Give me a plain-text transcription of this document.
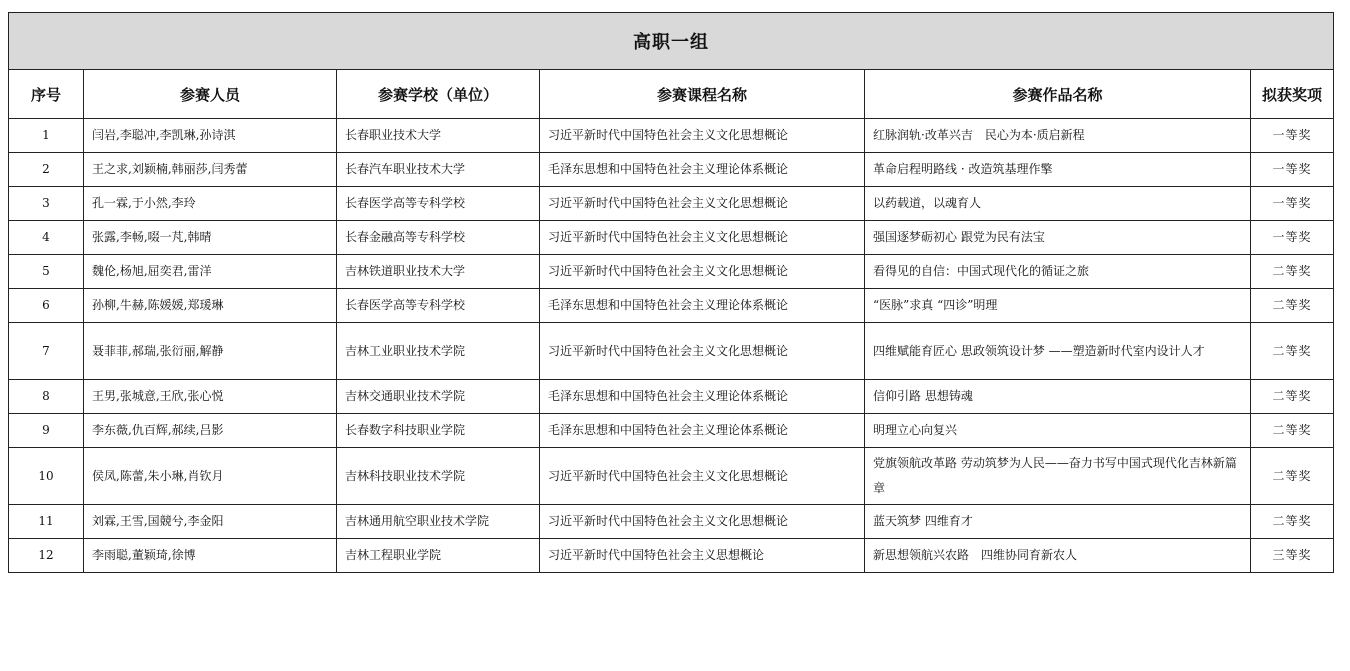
高职一组					
序号	参赛人员	参赛学校（单位）	参赛课程名称	参赛作品名称	拟获奖项
1	闫岩,李聪冲,李凯琳,孙诗淇	长春职业技术大学	习近平新时代中国特色社会主义文化思想概论	红脉润轨·改革兴吉　民心为本·质启新程	一等奖
2	王之求,刘颖楠,韩丽莎,闫秀蕾	长春汽车职业技术大学	毛泽东思想和中国特色社会主义理论体系概论	革命启程明路线 · 改造筑基理作擎	一等奖
3	孔一霖,于小然,李玲	长春医学高等专科学校	习近平新时代中国特色社会主义文化思想概论	以药载道，以魂育人	一等奖
4	张露,李畅,啜一芃,韩晴	长春金融高等专科学校	习近平新时代中国特色社会主义文化思想概论	强国逐梦砺初心 跟党为民有法宝	一等奖
5	魏伦,杨旭,屈奕君,雷洋	吉林铁道职业技术大学	习近平新时代中国特色社会主义文化思想概论	看得见的自信：中国式现代化的循证之旅	二等奖
6	孙柳,牛赫,陈媛媛,郑瑗琳	长春医学高等专科学校	毛泽东思想和中国特色社会主义理论体系概论	“医脉”求真 “四诊”明理	二等奖
7	聂菲菲,郝瑞,张衍丽,解静	吉林工业职业技术学院	习近平新时代中国特色社会主义文化思想概论	四维赋能育匠心 思政领筑设计梦 ——塑造新时代室内设计人才	二等奖
8	王男,张城意,王欣,张心悦	吉林交通职业技术学院	毛泽东思想和中国特色社会主义理论体系概论	信仰引路 思想铸魂	二等奖
9	李东薇,仇百辉,郝续,吕影	长春数字科技职业学院	毛泽东思想和中国特色社会主义理论体系概论	明理立心向复兴	二等奖
10	侯凤,陈蕾,朱小琳,肖钦月	吉林科技职业技术学院	习近平新时代中国特色社会主义文化思想概论	党旗领航改革路 劳动筑梦为人民——奋力书写中国式现代化吉林新篇章	二等奖
11	刘霖,王雪,国競兮,李金阳	吉林通用航空职业技术学院	习近平新时代中国特色社会主义文化思想概论	蓝天筑梦 四维育才	二等奖
12	李雨聪,董颖琦,徐博	吉林工程职业学院	习近平新时代中国特色社会主义思想概论	新思想领航兴农路　四维协同育新农人	三等奖
